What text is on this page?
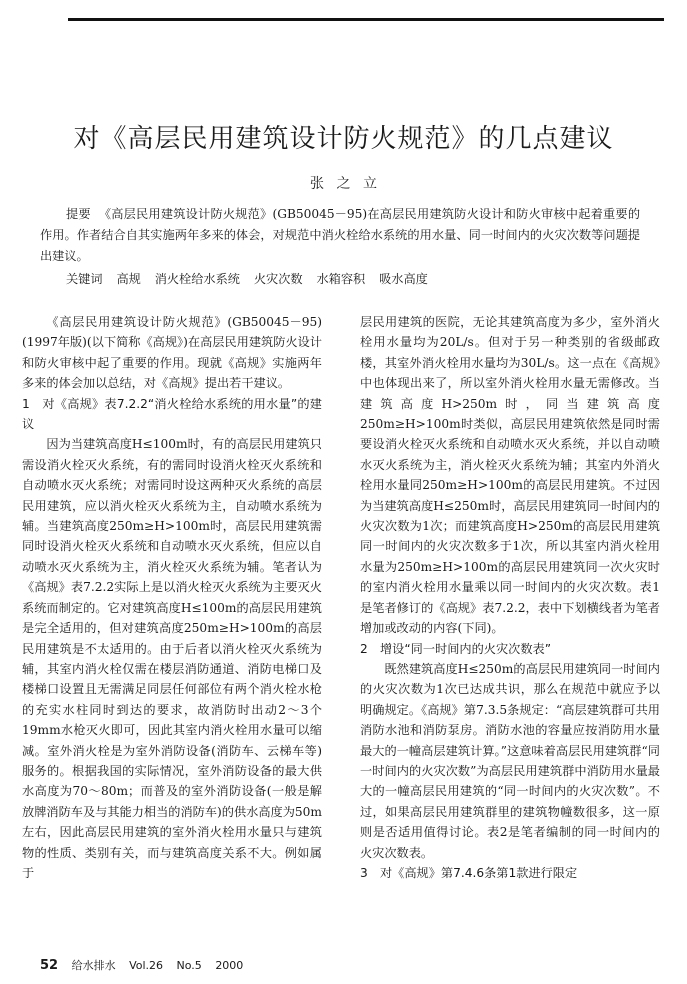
对《高层民用建筑设计防火规范》的几点建议
张 之 立
提要 《高层民用建筑设计防火规范》(GB50045－95)在高层民用建筑防火设计和防火审核中起着重要的作用。作者结合自其实施两年多来的体会，对规范中消火栓给水系统的用水量、同一时间内的火灾次数等问题提出建议。
关键词 高规 消火栓给水系统 火灾次数 水箱容积 吸水高度

《高层民用建筑设计防火规范》(GB50045－95)(1997年版)(以下简称《高规》)在高层民用建筑防火设计和防火审核中起了重要的作用。现就《高规》实施两年多来的体会加以总结，对《高规》提出若干建议。

1　对《高规》表7.2.2“消火栓给水系统的用水量”的建议

因为当建筑高度H≤100m时，有的高层民用建筑只需设消火栓灭火系统，有的需同时设消火栓灭火系统和自动喷水灭火系统；对需同时设这两种灭火系统的高层民用建筑，应以消火栓灭火系统为主，自动喷水系统为辅。当建筑高度250m≥H>100m时，高层民用建筑需同时设消火栓灭火系统和自动喷水灭火系统，但应以自动喷水灭火系统为主，消火栓灭火系统为辅。笔者认为《高规》表7.2.2实际上是以消火栓灭火系统为主要灭火系统而制定的。它对建筑高度H≤100m的高层民用建筑是完全适用的，但对建筑高度250m≥H>100m的高层民用建筑是不太适用的。由于后者以消火栓灭火系统为辅，其室内消火栓仅需在楼层消防通道、消防电梯口及楼梯口设置且无需满足同层任何部位有两个消火栓水枪的充实水柱同时到达的要求，故消防时出动2～3个19mm水枪灭火即可，因此其室内消火栓用水量可以缩减。室外消火栓是为室外消防设备(消防车、云梯车等)服务的。根据我国的实际情况，室外消防设备的最大供水高度为70～80m；而普及的室外消防设备(一般是解放牌消防车及与其能力相当的消防车)的供水高度为50m左右，因此高层民用建筑的室外消火栓用水量只与建筑物的性质、类别有关，而与建筑高度关系不大。例如属于

层民用建筑的医院，无论其建筑高度为多少，室外消火栓用水量均为20L/s。但对于另一种类别的省级邮政楼，其室外消火栓用水量均为30L/s。这一点在《高规》中也体现出来了，所以室外消火栓用水量无需修改。当建筑高度H>250m时，同当建筑高度250m≥H>100m时类似，高层民用建筑依然是同时需要设消火栓灭火系统和自动喷水灭火系统，并以自动喷水灭火系统为主，消火栓灭火系统为辅；其室内外消火栓用水量同250m≥H>100m的高层民用建筑。不过因为当建筑高度H≤250m时，高层民用建筑同一时间内的火灾次数为1次；而建筑高度H>250m的高层民用建筑同一时间内的火灾次数多于1次，所以其室内消火栓用水量为250m≥H>100m的高层民用建筑同一次火灾时的室内消火栓用水量乘以同一时间内的火灾次数。表1是笔者修订的《高规》表7.2.2，表中下划横线者为笔者增加或改动的内容(下同)。

2　增设“同一时间内的火灾次数表”

既然建筑高度H≤250m的高层民用建筑同一时间内的火灾次数为1次已达成共识，那么在规范中就应予以明确规定。《高规》第7.3.5条规定：“高层建筑群可共用消防水池和消防泵房。消防水池的容量应按消防用水量最大的一幢高层建筑计算。”这意味着高层民用建筑群“同一时间内的火灾次数”为高层民用建筑群中消防用水量最大的一幢高层民用建筑的“同一时间内的火灾次数”。不过，如果高层民用建筑群里的建筑物幢数很多，这一原则是否适用值得讨论。表2是笔者编制的同一时间内的火灾次数表。

3　对《高规》第7.4.6条第1款进行限定
52 给水排水 Vol.26 No.5 2000
